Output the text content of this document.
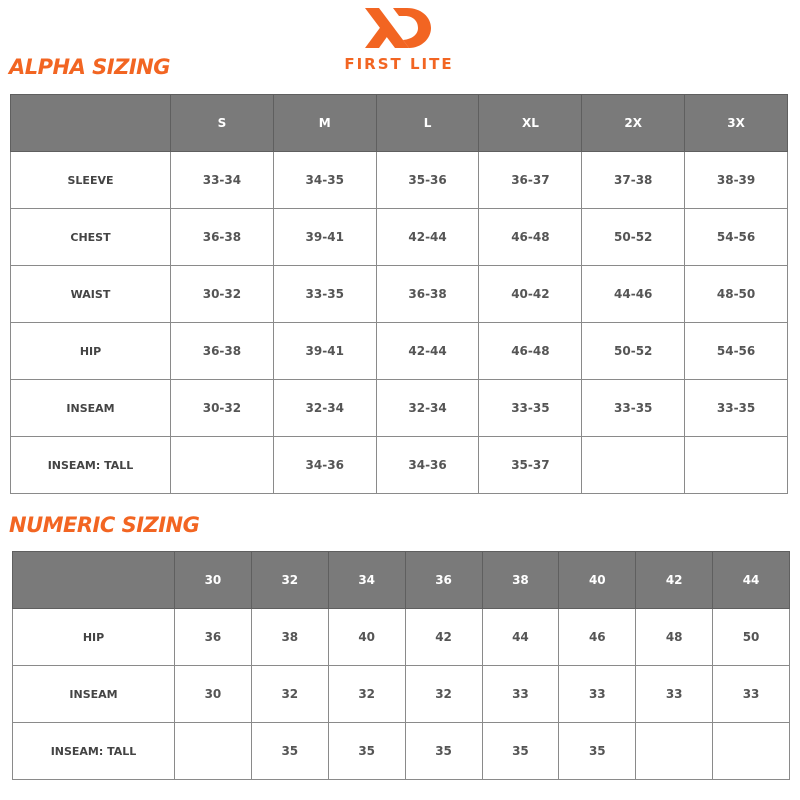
FIRST LITE
ALPHA SIZING
	S	M	L	XL	2X	3X
SLEEVE	33-34	34-35	35-36	36-37	37-38	38-39
CHEST	36-38	39-41	42-44	46-48	50-52	54-56
WAIST	30-32	33-35	36-38	40-42	44-46	48-50
HIP	36-38	39-41	42-44	46-48	50-52	54-56
INSEAM	30-32	32-34	32-34	33-35	33-35	33-35
INSEAM: TALL		34-36	34-36	35-37		
NUMERIC SIZING
	30	32	34	36	38	40	42	44
HIP	36	38	40	42	44	46	48	50
INSEAM	30	32	32	32	33	33	33	33
INSEAM: TALL		35	35	35	35	35		
